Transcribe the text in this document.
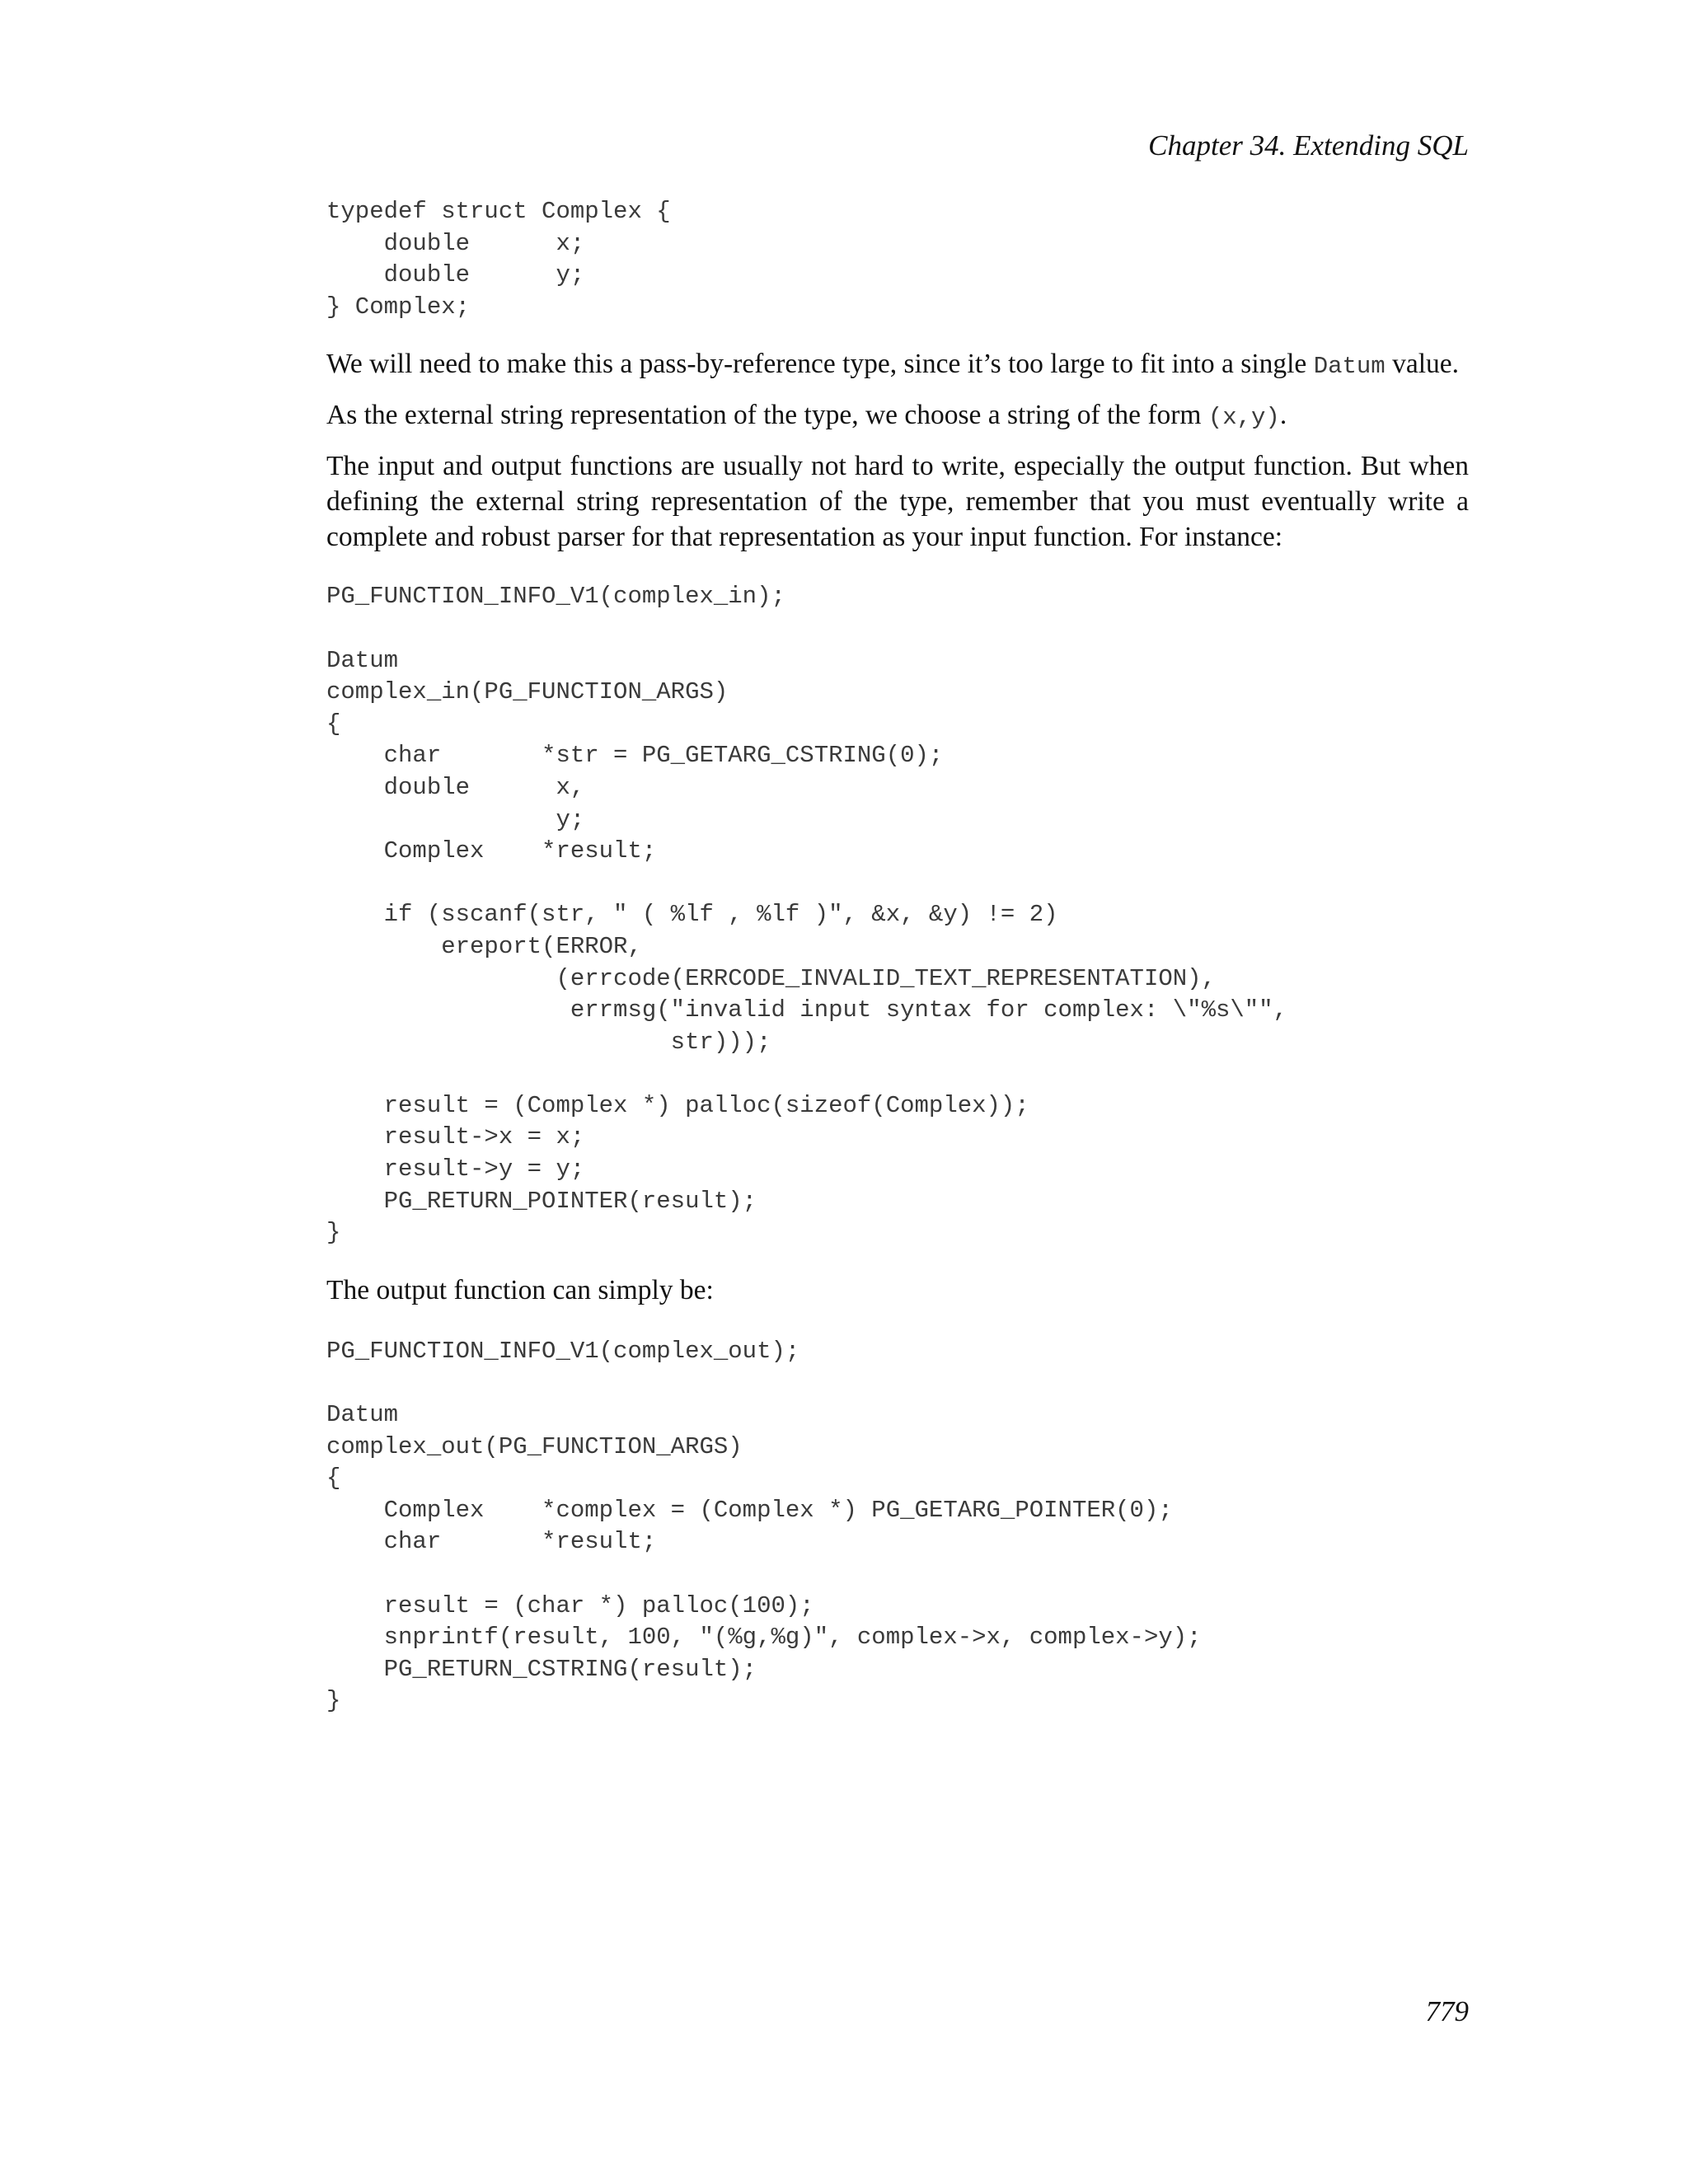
Chapter 34. Extending SQL
typedef struct Complex {
double      x;
double      y;
} Complex;

We will need to make this a pass-by-reference type, since it’s too large to fit into a single Datum value.

As the external string representation of the type, we choose a string of the form (x,y).

The input and output functions are usually not hard to write, especially the output function. But when defining the external string representation of the type, remember that you must eventually write a complete and robust parser for that representation as your input function. For instance:

PG_FUNCTION_INFO_V1(complex_in);

Datum
complex_in(PG_FUNCTION_ARGS)
{
char       *str = PG_GETARG_CSTRING(0);
double      x,
y;
Complex    *result;

if (sscanf(str, " ( %lf , %lf )", &x, &y) != 2)
ereport(ERROR,
(errcode(ERRCODE_INVALID_TEXT_REPRESENTATION),
errmsg("invalid input syntax for complex: \"%s\"",
str)));

result = (Complex *) palloc(sizeof(Complex));
result->x = x;
result->y = y;
PG_RETURN_POINTER(result);
}

The output function can simply be:

PG_FUNCTION_INFO_V1(complex_out);

Datum
complex_out(PG_FUNCTION_ARGS)
{
Complex    *complex = (Complex *) PG_GETARG_POINTER(0);
char       *result;

result = (char *) palloc(100);
snprintf(result, 100, "(%g,%g)", complex->x, complex->y);
PG_RETURN_CSTRING(result);
}
779
